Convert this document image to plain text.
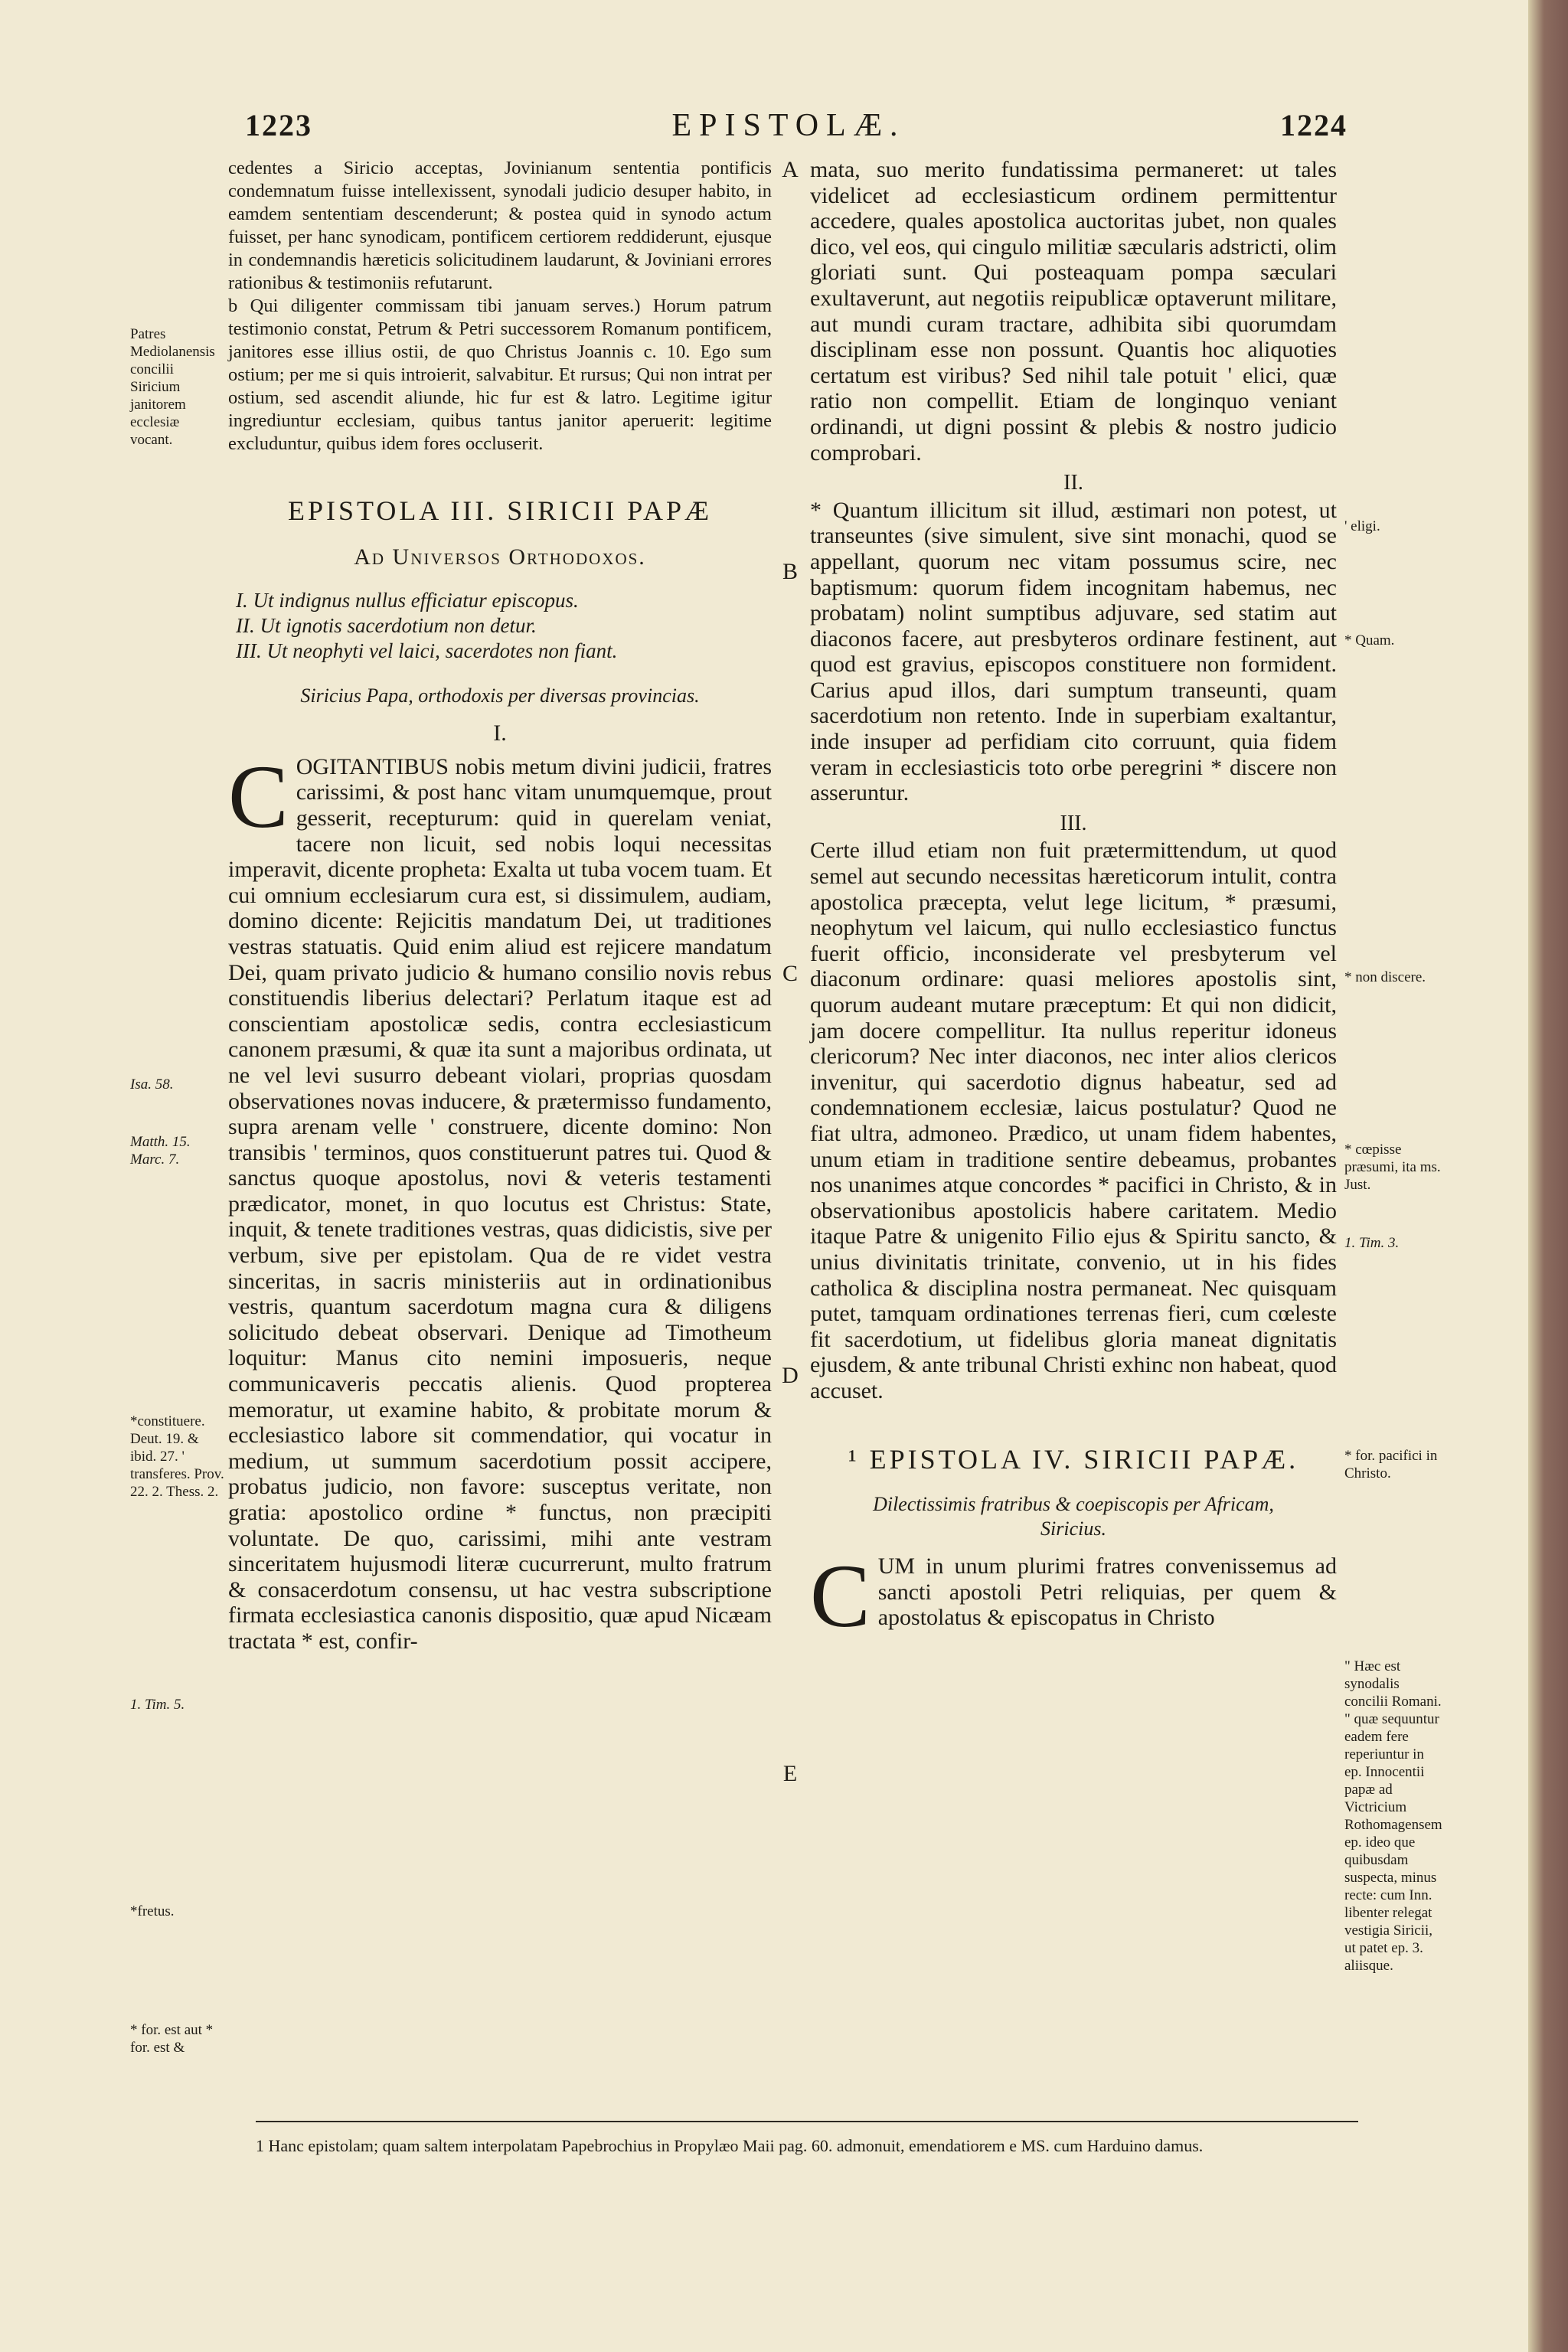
1223	EPISTOLÆ.	1224

cedentes a Siricio acceptas, Jovinianum sententia pontificis condemnatum fuisse intellexissent, synodali judicio desuper habito, in eamdem sententiam descenderunt; & postea quid in synodo actum fuisset, per hanc synodicam, pontificem certiorem reddiderunt, ejusque in condemnandis hæreticis solicitudinem laudarunt, & Joviniani errores rationibus & testimoniis refutarunt.

b Qui diligenter commissam tibi januam serves.) Horum patrum testimonio constat, Petrum & Petri successorem Romanum pontificem, janitores esse illius ostii, de quo Christus Joannis c. 10. Ego sum ostium; per me si quis introierit, salvabitur. Et rursus; Qui non intrat per ostium, sed ascendit aliunde, hic fur est & latro. Legitime igitur ingrediuntur ecclesiam, quibus tantus janitor aperuerit: legitime excluduntur, quibus idem fores occluserit.

EPISTOLA III. SIRICII PAPÆ
Ad Universos Orthodoxos.
I. Ut indignus nullus efficiatur episcopus.
II. Ut ignotis sacerdotium non detur.
III. Ut neophyti vel laici, sacerdotes non fiant.
Siricius Papa, orthodoxis per diversas provincias.
I.

COGITANTIBUS nobis metum divini judicii, fratres carissimi, & post hanc vitam unumquemque, prout gesserit, recepturum: quid in querelam veniat, tacere non licuit, sed nobis loqui necessitas imperavit, dicente propheta: Exalta ut tuba vocem tuam. Et cui omnium ecclesiarum cura est, si dissimulem, audiam, domino dicente: Rejicitis mandatum Dei, ut traditiones vestras statuatis. Quid enim aliud est rejicere mandatum Dei, quam privato judicio & humano consilio novis rebus constituendis liberius delectari? Perlatum itaque est ad conscientiam apostolicæ sedis, contra ecclesiasticum canonem præsumi, & quæ ita sunt a majoribus ordinata, ut ne vel levi susurro debeant violari, proprias quosdam observationes novas inducere, & prætermisso fundamento, supra arenam velle ' construere, dicente domino: Non transibis ' terminos, quos constituerunt patres tui. Quod & sanctus quoque apostolus, novi & veteris testamenti prædicator, monet, in quo locutus est Christus: State, inquit, & tenete traditiones vestras, quas didicistis, sive per verbum, sive per epistolam. Qua de re videt vestra sinceritas, in sacris ministeriis aut in ordinationibus vestris, quantum sacerdotum magna cura & diligens solicitudo debeat observari. Denique ad Timotheum loquitur: Manus cito nemini imposueris, neque communicaveris peccatis alienis. Quod propterea memoratur, ut examine habito, & probitate morum & ecclesiastico labore sit commendatior, qui vocatur in medium, ut summum sacerdotium possit accipere, probatus judicio, non favore: susceptus veritate, non gratia: apostolico ordine * functus, non præcipiti voluntate. De quo, carissimi, mihi ante vestram sinceritatem hujusmodi literæ cucurrerunt, multo fratrum & consacerdotum consensu, ut hac vestra subscriptione firmata ecclesiastica canonis dispositio, quæ apud Nicæam tractata * est, confir-

A
B
C
D
E

mata, suo merito fundatissima permaneret: ut tales videlicet ad ecclesiasticum ordinem permittentur accedere, quales apostolica auctoritas jubet, non quales dico, vel eos, qui cingulo militiæ sæcularis adstricti, olim gloriati sunt. Qui posteaquam pompa sæculari exultaverunt, aut negotiis reipublicæ optaverunt militare, aut mundi curam tractare, adhibita sibi quorumdam disciplinam esse non possunt. Quantis hoc aliquoties certatum est viribus? Sed nihil tale potuit ' elici, quæ ratio non compellit. Etiam de longinquo veniant ordinandi, ut digni possint & plebis & nostro judicio comprobari.

II.

* Quantum illicitum sit illud, æstimari non potest, ut transeuntes (sive simulent, sive sint monachi, quod se appellant, quorum nec vitam possumus scire, nec baptismum: quorum fidem incognitam habemus, nec probatam) nolint sumptibus adjuvare, sed statim aut diaconos facere, aut presbyteros ordinare festinent, aut quod est gravius, episcopos constituere non formident. Carius apud illos, dari sumptum transeunti, quam sacerdotium non retento. Inde in superbiam exaltantur, inde insuper ad perfidiam cito corruunt, quia fidem veram in ecclesiasticis toto orbe peregrini * discere non asseruntur.

III.

Certe illud etiam non fuit prætermittendum, ut quod semel aut secundo necessitas hæreticorum intulit, contra apostolica præcepta, velut lege licitum, * præsumi, neophytum vel laicum, qui nullo ecclesiastico functus fuerit officio, inconsiderate vel presbyterum vel diaconum ordinare: quasi meliores apostolis sint, quorum audeant mutare præceptum: Et qui non didicit, jam docere compellitur. Ita nullus reperitur idoneus clericorum? Nec inter diaconos, nec inter alios clericos invenitur, qui sacerdotio dignus habeatur, sed ad condemnationem ecclesiæ, laicus postulatur? Quod ne fiat ultra, admoneo. Prædico, ut unam fidem habentes, unum etiam in traditione sentire debeamus, probantes nos unanimes atque concordes * pacifici in Christo, & in observationibus apostolicis habere caritatem. Medio itaque Patre & unigenito Filio ejus & Spiritu sancto, & unius divinitatis trinitate, convenio, ut in his fides catholica & disciplina nostra permaneat. Nec quisquam putet, tamquam ordinationes terrenas fieri, cum cœleste fit sacerdotium, ut fidelibus gloria maneat dignitatis ejusdem, & ante tribunal Christi exhinc non habeat, quod accuset.

¹ EPISTOLA IV. SIRICII PAPÆ.
Dilectissimis fratribus & coepiscopis per Africam, Siricius.

CUM in unum plurimi fratres convenissemus ad sancti apostoli Petri reliquias, per quem & apostolatus & episcopatus in Christo

Patres Mediolanensis concilii Siricium janitorem ecclesiæ vocant.
Isa. 58.
Matth. 15. Marc. 7.
*constituere. Deut. 19. & ibid. 27. ' transferes. Prov. 22. 2. Thess. 2.
1. Tim. 5.
*fretus.
* for. est aut * for. est &
' eligi.
* Quam.
* non discere.
* cœpisse præsumi, ita ms. Just.
1. Tim. 3.
* for. pacifici in Christo.
" Hæc est synodalis concilii Romani. " quæ sequuntur eadem fere reperiuntur in ep. Innocentii papæ ad Victricium Rothomagensem ep. ideo que quibusdam suspecta, minus recte: cum Inn. libenter relegat vestigia Siricii, ut patet ep. 3. aliisque.
1 Hanc epistolam; quam saltem interpolatam Papebrochius in Propylæo Maii pag. 60. admonuit, emendatiorem e MS. cum Harduino damus.
